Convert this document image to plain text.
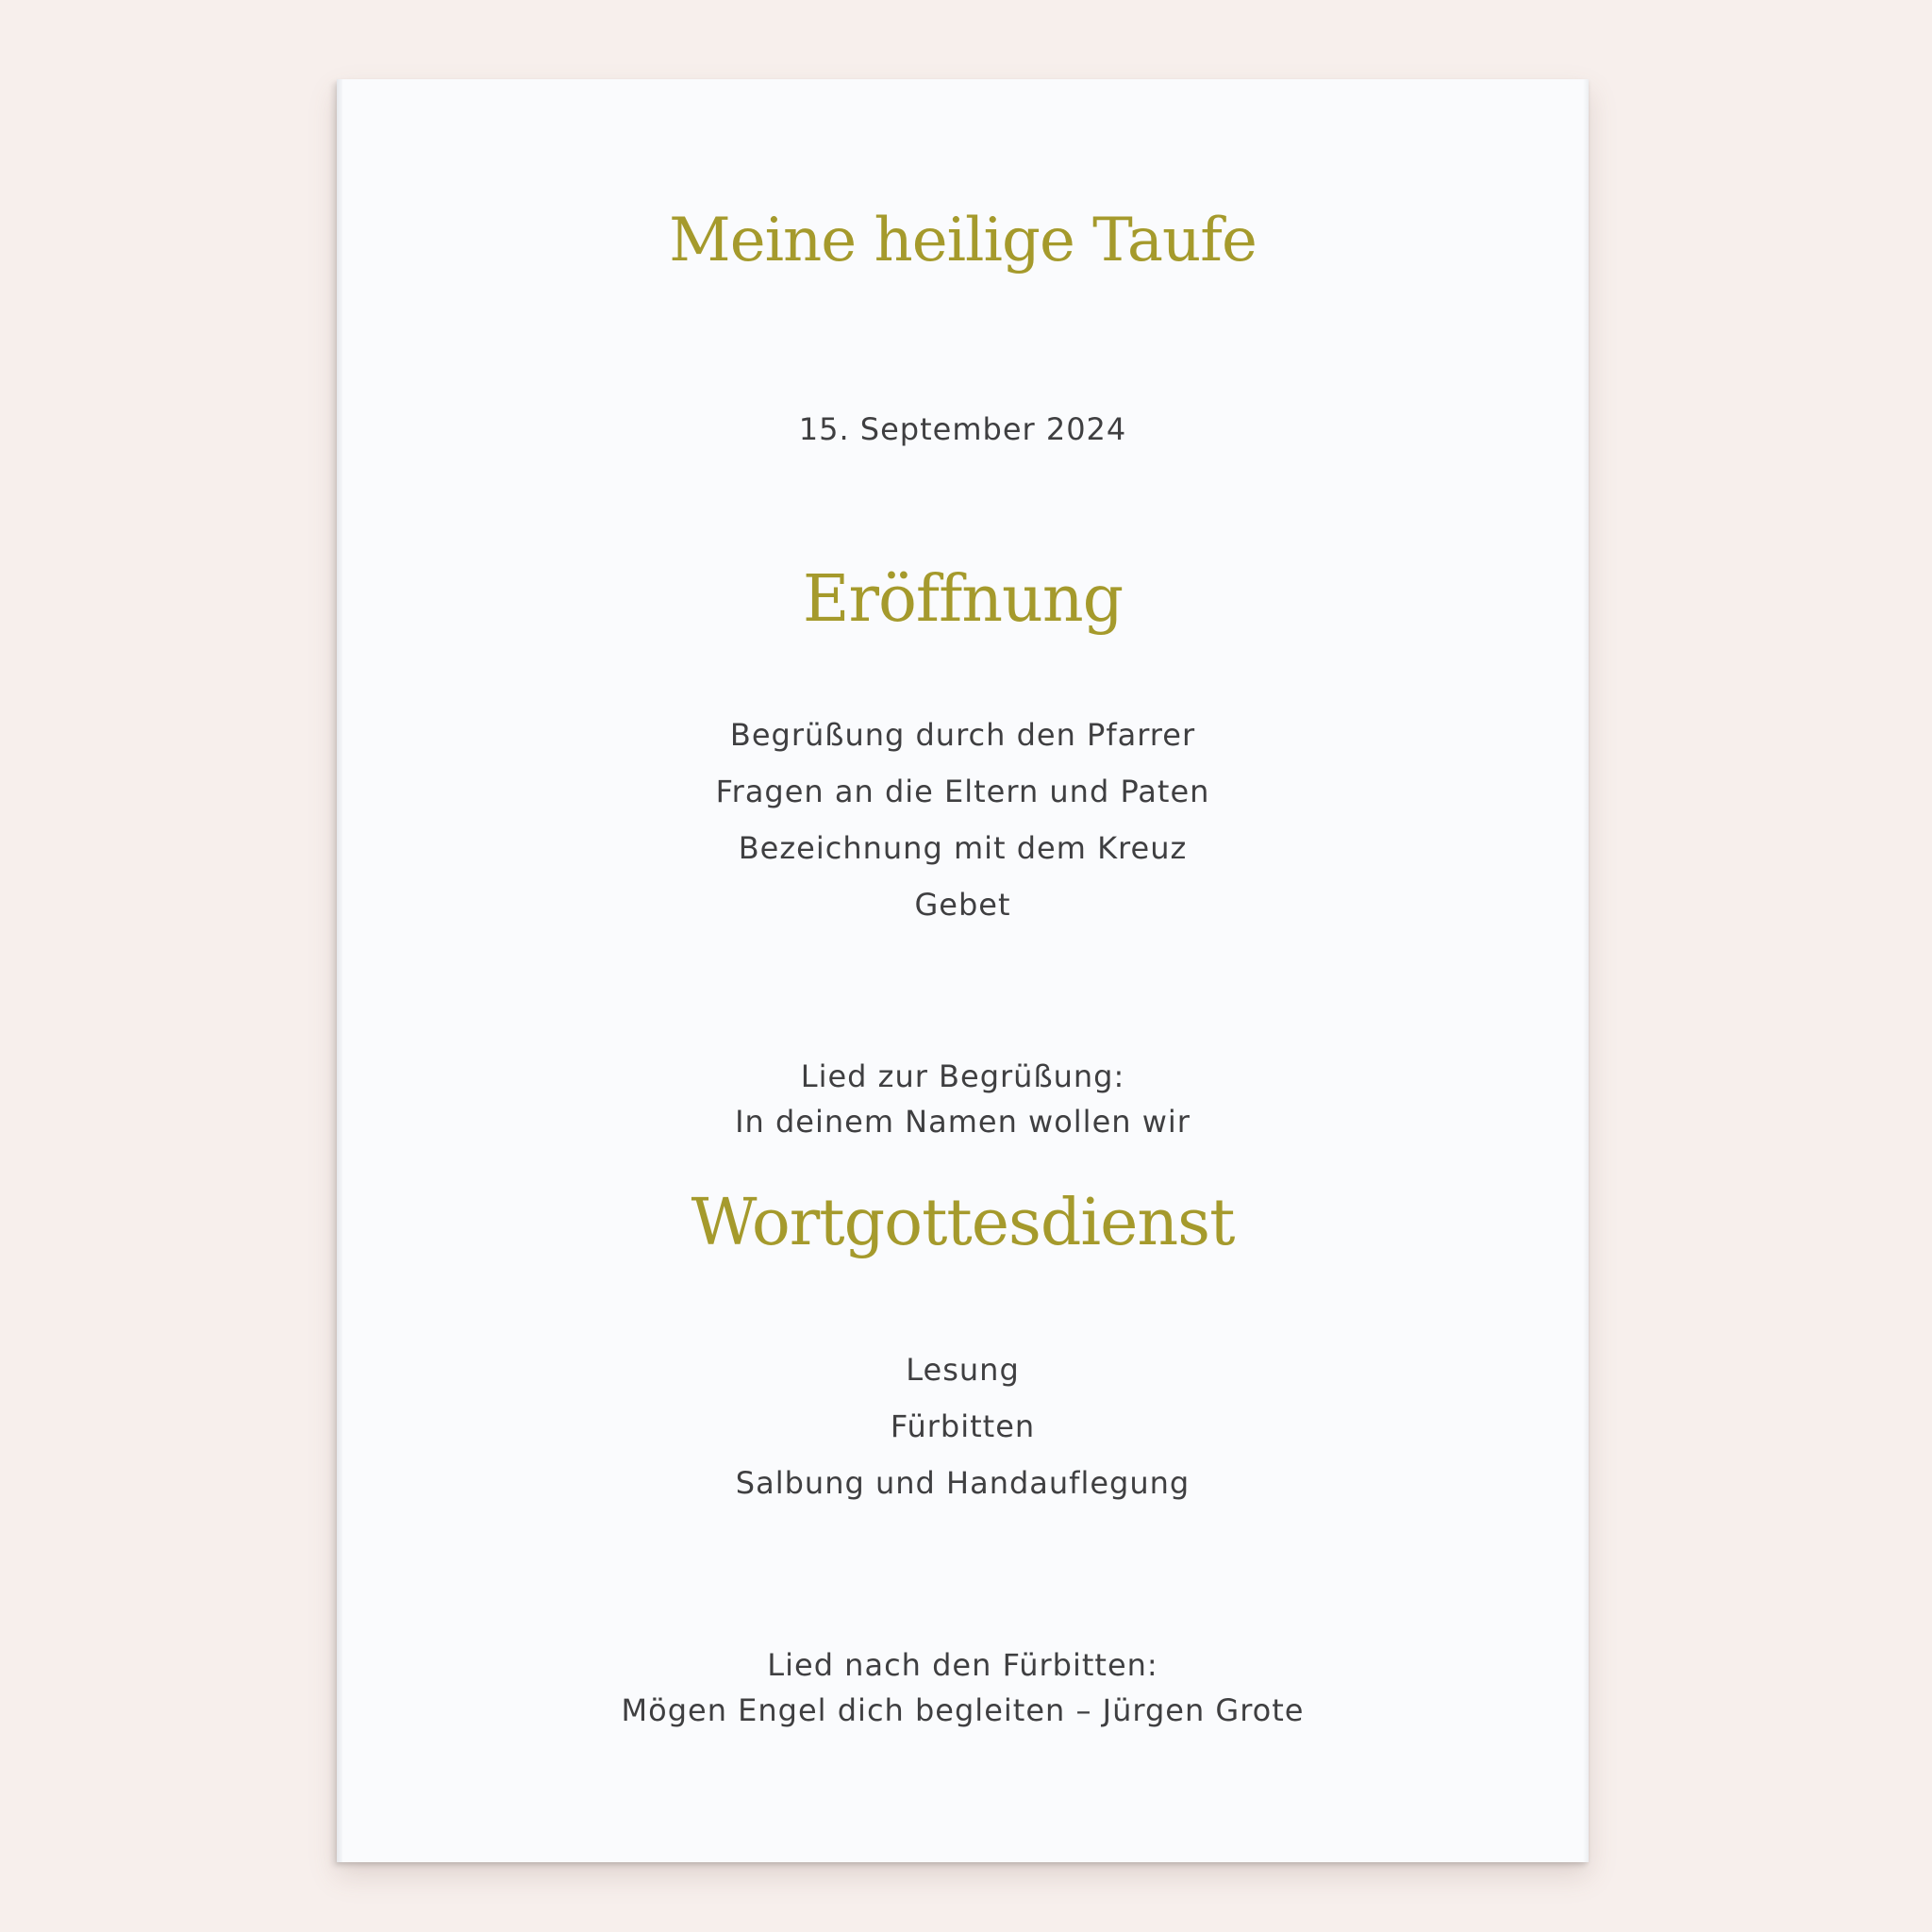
Meine heilige Taufe
15. September 2024
Eröffnung
Begrüßung durch den Pfarrer
Fragen an die Eltern und Paten
Bezeichnung mit dem Kreuz
Gebet
Lied zur Begrüßung:
In deinem Namen wollen wir
Wortgottesdienst
Lesung
Fürbitten
Salbung und Handauflegung
Lied nach den Fürbitten:
Mögen Engel dich begleiten – Jürgen Grote
